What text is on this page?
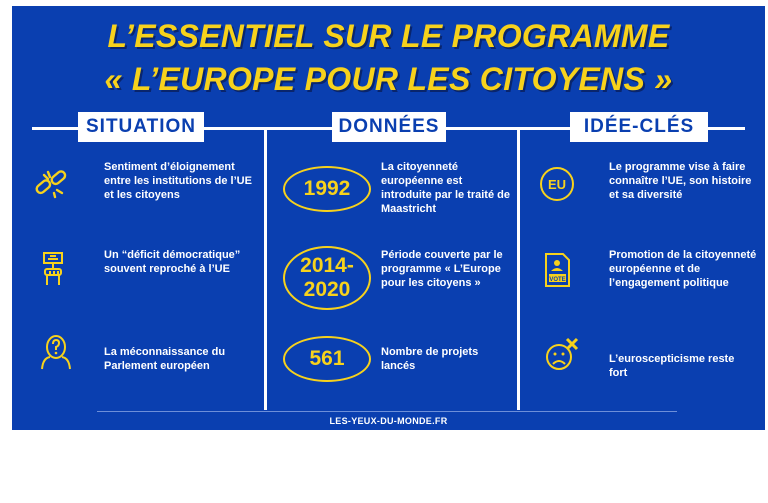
L’ESSENTIEL SUR LE PROGRAMME
« L’EUROPE POUR LES CITOYENS »
SITUATION	DONNÉES	IDÉE-CLÉS
Sentiment d’éloignement entre les institutions de l’UE et les citoyens
Un “déficit démocratique” souvent reproché à l’UE
La méconnaissance du Parlement européen
1992
La citoyenneté européenne est introduite par le traité de Maastricht
2014-
2020
Période couverte par le programme « L’Europe pour les citoyens »
561	Nombre de projets lancés
EU
Le programme vise à faire connaître l’UE, son histoire et sa diversité
VOTE
Promotion de la citoyenneté européenne et de l’engagement politique
L’euroscepticisme reste fort
LES-YEUX-DU-MONDE.FR
